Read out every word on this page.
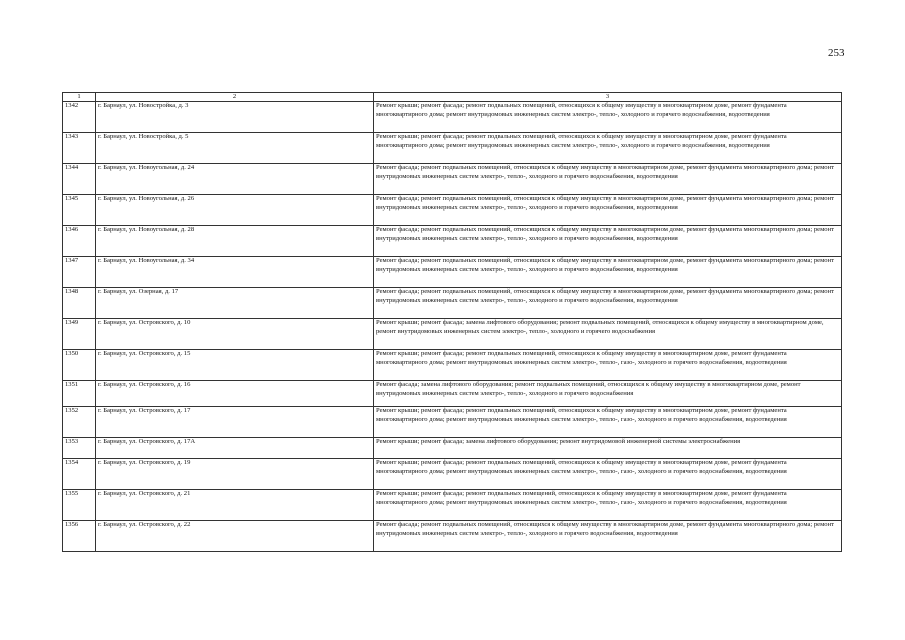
253
1	2	3
1342	г. Барнаул, ул. Новостройка, д. 3	Ремонт крыши; ремонт фасада; ремонт подвальных помещений, относящихся к общему имуществу в многоквартирном доме, ремонт фундамента многоквартирного дома; ремонт внутридомовых инженерных систем электро-, тепло-, холодного и горячего водоснабжения, водоотведения
1343	г. Барнаул, ул. Новостройка, д. 5	Ремонт крыши; ремонт фасада; ремонт подвальных помещений, относящихся к общему имуществу в многоквартирном доме, ремонт фундамента многоквартирного дома; ремонт внутридомовых инженерных систем электро-, тепло-, холодного и горячего водоснабжения, водоотведения
1344	г. Барнаул, ул. Новоугольная, д. 24	Ремонт фасада; ремонт подвальных помещений, относящихся к общему имуществу в многоквартирном доме, ремонт фундамента многоквартирного дома; ремонт внутридомовых инженерных систем электро-, тепло-, холодного и горячего водоснабжения, водоотведения
1345	г. Барнаул, ул. Новоугольная, д. 26	Ремонт фасада; ремонт подвальных помещений, относящихся к общему имуществу в многоквартирном доме, ремонт фундамента многоквартирного дома; ремонт внутридомовых инженерных систем электро-, тепло-, холодного и горячего водоснабжения, водоотведения
1346	г. Барнаул, ул. Новоугольная, д. 28	Ремонт фасада; ремонт подвальных помещений, относящихся к общему имуществу в многоквартирном доме, ремонт фундамента многоквартирного дома; ремонт внутридомовых инженерных систем электро-, тепло-, холодного и горячего водоснабжения, водоотведения
1347	г. Барнаул, ул. Новоугольная, д. 34	Ремонт фасада; ремонт подвальных помещений, относящихся к общему имуществу в многоквартирном доме, ремонт фундамента многоквартирного дома; ремонт внутридомовых инженерных систем электро-, тепло-, холодного и горячего водоснабжения, водоотведения
1348	г. Барнаул, ул. Озерная, д. 17	Ремонт фасада; ремонт подвальных помещений, относящихся к общему имуществу в многоквартирном доме, ремонт фундамента многоквартирного дома; ремонт внутридомовых инженерных систем электро-, тепло-, холодного и горячего водоснабжения, водоотведения
1349	г. Барнаул, ул. Островского, д. 10	Ремонт крыши; ремонт фасада; замена лифтового оборудования; ремонт подвальных помещений, относящихся к общему имуществу в многоквартирном доме, ремонт внутридомовых инженерных систем электро-, тепло-, холодного и горячего водоснабжения
1350	г. Барнаул, ул. Островского, д. 15	Ремонт крыши; ремонт фасада; ремонт подвальных помещений, относящихся к общему имуществу в многоквартирном доме, ремонт фундамента многоквартирного дома; ремонт внутридомовых инженерных систем электро-, тепло-, газо-, холодного и горячего водоснабжения, водоотведения
1351	г. Барнаул, ул. Островского, д. 16	Ремонт фасада; замена лифтового оборудования; ремонт подвальных помещений, относящихся к общему имуществу в многоквартирном доме, ремонт внутридомовых инженерных систем электро-, тепло-, холодного и горячего водоснабжения
1352	г. Барнаул, ул. Островского, д. 17	Ремонт крыши; ремонт фасада; ремонт подвальных помещений, относящихся к общему имуществу в многоквартирном доме, ремонт фундамента многоквартирного дома; ремонт внутридомовых инженерных систем электро-, тепло-, газо-, холодного и горячего водоснабжения, водоотведения
1353	г. Барнаул, ул. Островского, д. 17А	Ремонт крыши; ремонт фасада; замена лифтового оборудования; ремонт внутридомовой инженерной системы электроснабжения
1354	г. Барнаул, ул. Островского, д. 19	Ремонт крыши; ремонт фасада; ремонт подвальных помещений, относящихся к общему имуществу в многоквартирном доме, ремонт фундамента многоквартирного дома; ремонт внутридомовых инженерных систем электро-, тепло-, газо-, холодного и горячего водоснабжения, водоотведения
1355	г. Барнаул, ул. Островского, д. 21	Ремонт крыши; ремонт фасада; ремонт подвальных помещений, относящихся к общему имуществу в многоквартирном доме, ремонт фундамента многоквартирного дома; ремонт внутридомовых инженерных систем электро-, тепло-, газо-, холодного и горячего водоснабжения, водоотведения
1356	г. Барнаул, ул. Островского, д. 22	Ремонт фасада; ремонт подвальных помещений, относящихся к общему имуществу в многоквартирном доме, ремонт фундамента многоквартирного дома; ремонт внутридомовых инженерных систем электро-, тепло-, холодного и горячего водоснабжения, водоотведения
